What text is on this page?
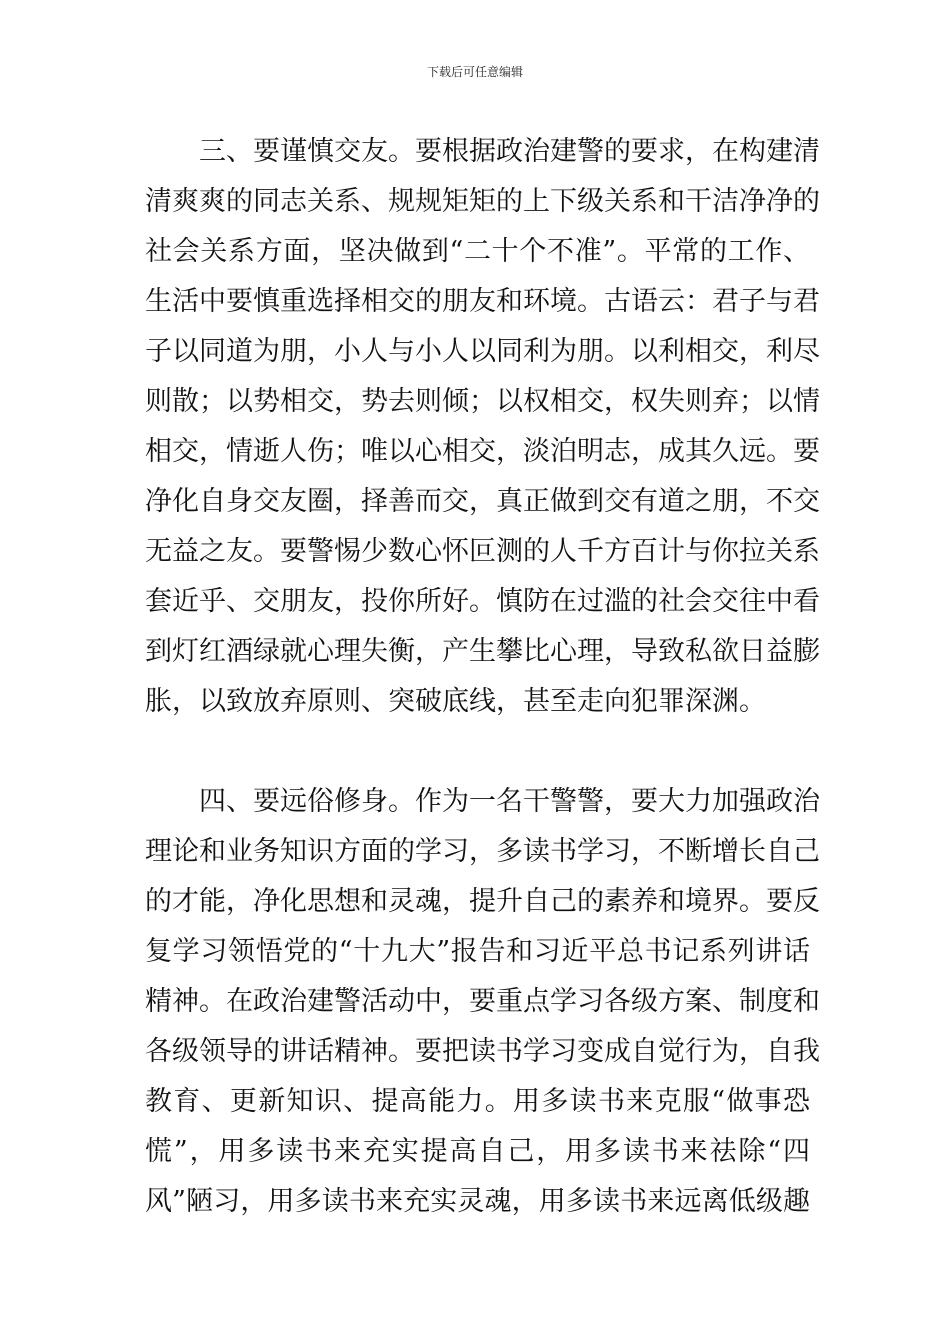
下载后可任意编辑
三、要谨慎交友。要根据政治建警的要求，在构建清
清爽爽的同志关系、规规矩矩的上下级关系和干洁净净的
社会关系方面，坚决做到“二十个不准”。平常的工作、
生活中要慎重选择相交的朋友和环境。古语云：君子与君
子以同道为朋，小人与小人以同利为朋。以利相交，利尽
则散；以势相交，势去则倾；以权相交，权失则弃；以情
相交，情逝人伤；唯以心相交，淡泊明志，成其久远。要
净化自身交友圈，择善而交，真正做到交有道之朋，不交
无益之友。要警惕少数心怀叵测的人千方百计与你拉关系
套近乎、交朋友，投你所好。慎防在过滥的社会交往中看
到灯红酒绿就心理失衡，产生攀比心理，导致私欲日益膨
胀，以致放弃原则、突破底线，甚至走向犯罪深渊。
四、要远俗修身。作为一名干警警，要大力加强政治
理论和业务知识方面的学习，多读书学习，不断增长自己
的才能，净化思想和灵魂，提升自己的素养和境界。要反
复学习领悟党的“十九大”报告和习近平总书记系列讲话
精神。在政治建警活动中，要重点学习各级方案、制度和
各级领导的讲话精神。要把读书学习变成自觉行为，自我
教育、更新知识、提高能力。用多读书来克服“做事恐
慌”，用多读书来充实提高自己，用多读书来祛除“四
风”陋习，用多读书来充实灵魂，用多读书来远离低级趣
